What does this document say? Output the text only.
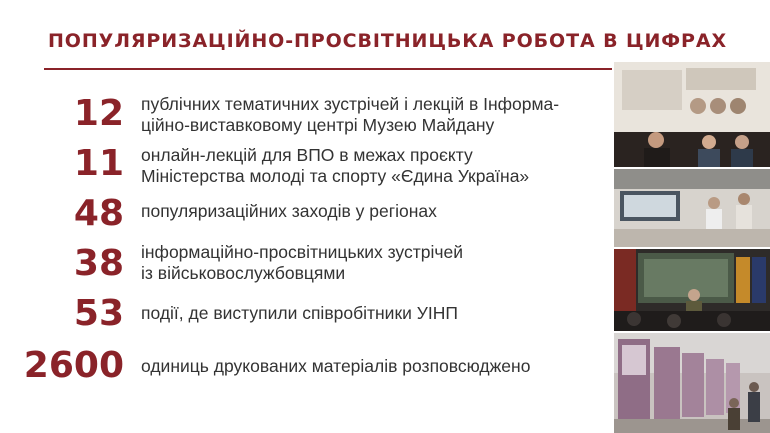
ПОПУЛЯРИЗАЦІЙНО-ПРОСВІТНИЦЬКА РОБОТА В ЦИФРАХ
12 публічних тематичних зустрічей і лекцій в Інформа-
ційно-виставковому центрі Музею Майдану
11 онлайн-лекцій для ВПО в межах проєкту
Міністерства молоді та спорту «Єдина Україна»
48 популяризаційних заходів у регіонах
38 інформаційно-просвітницьких зустрічей
із військовослужбовцями
53 події, де виступили співробітники УІНП
2600 одиниць друкованих матеріалів розповсюджено
